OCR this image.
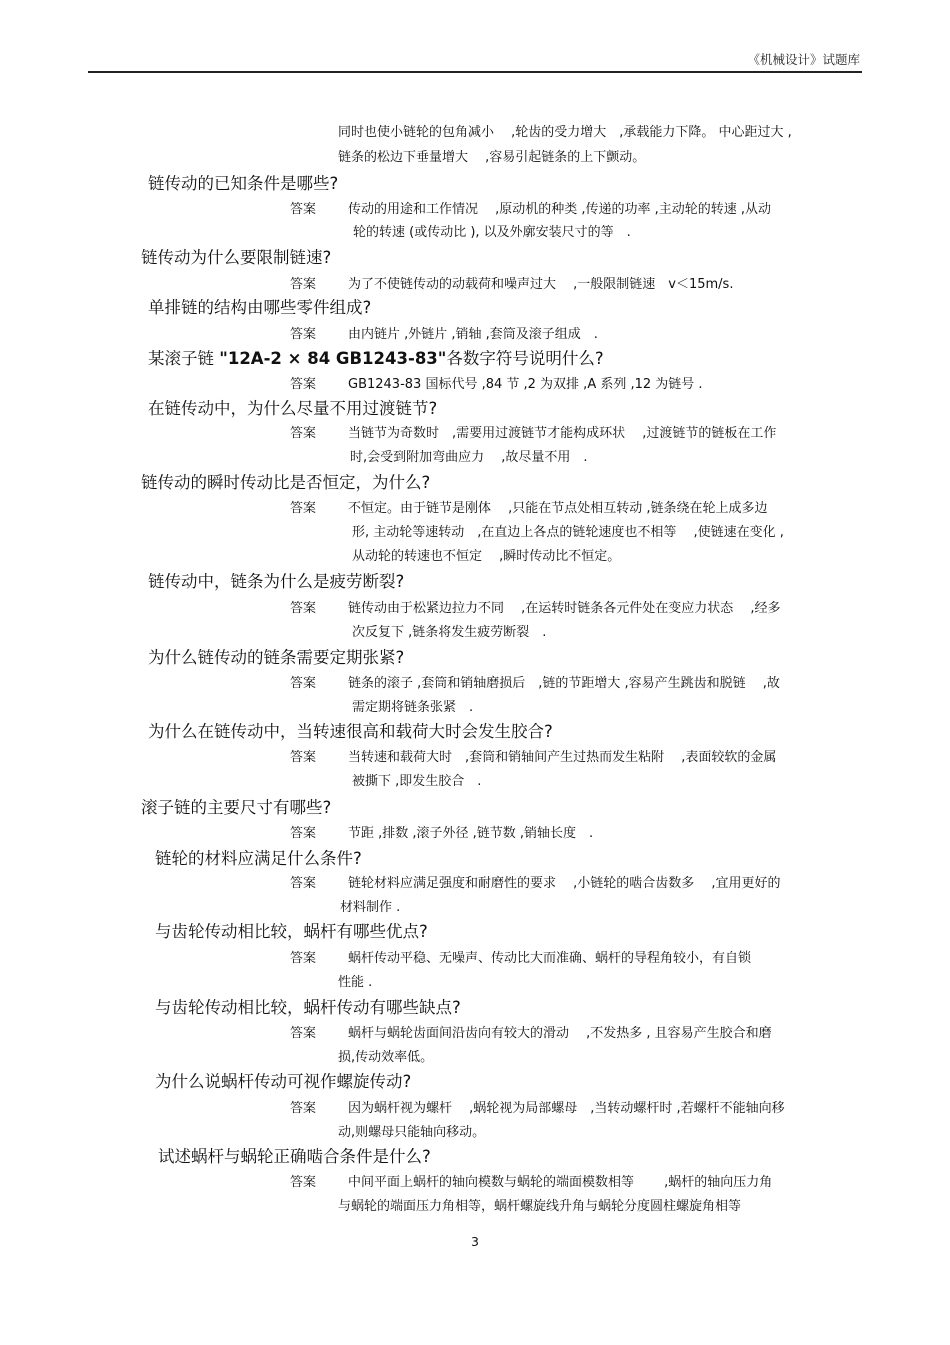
《机械设计》试题库
同时也使小链轮的包角减小　 ,轮齿的受力增大　,承载能力下降。 中心距过大 ,
链条的松边下垂量增大　 ,容易引起链条的上下颤动。
链传动的已知条件是哪些?
答案 传动的用途和工作情况　 ,原动机的种类 ,传递的功率 ,主动轮的转速 ,从动
轮的转速 (或传动比 ), 以及外廓安装尺寸的等　.
链传动为什么要限制链速?
答案 为了不使链传动的动载荷和噪声过大　 ,一般限制链速　v＜15m/s.
单排链的结构由哪些零件组成?
答案 由内链片 ,外链片 ,销轴 ,套筒及滚子组成　.
某滚子链 "12A-2 × 84 GB1243-83"各数字符号说明什么?
答案 GB1243-83 国标代号 ,84 节 ,2 为双排 ,A 系列 ,12 为链号 .
在链传动中，为什么尽量不用过渡链节?
答案 当链节为奇数时　,需要用过渡链节才能构成环状　 ,过渡链节的链板在工作
时,会受到附加弯曲应力　 ,故尽量不用　.
链传动的瞬时传动比是否恒定，为什么?
答案 不恒定。由于链节是刚体　 ,只能在节点处相互转动 ,链条绕在轮上成多边
形, 主动轮等速转动　,在直边上各点的链轮速度也不相等　 ,使链速在变化 ,
从动轮的转速也不恒定　 ,瞬时传动比不恒定。
链传动中，链条为什么是疲劳断裂?
答案 链传动由于松紧边拉力不同　 ,在运转时链条各元件处在变应力状态　 ,经多
次反复下 ,链条将发生疲劳断裂　.
为什么链传动的链条需要定期张紧?
答案 链条的滚子 ,套筒和销轴磨损后　,链的节距增大 ,容易产生跳齿和脱链　 ,故
需定期将链条张紧　.
为什么在链传动中，当转速很高和载荷大时会发生胶合?
答案 当转速和载荷大时　,套筒和销轴间产生过热而发生粘附　 ,表面较软的金属
被撕下 ,即发生胶合　.
滚子链的主要尺寸有哪些?
答案 节距 ,排数 ,滚子外径 ,链节数 ,销轴长度　.
链轮的材料应满足什么条件?
答案 链轮材料应满足强度和耐磨性的要求　 ,小链轮的啮合齿数多　 ,宜用更好的
材料制作 .
与齿轮传动相比较，蜗杆有哪些优点?
答案 蜗杆传动平稳、无噪声、传动比大而准确、蜗杆的导程角较小，有自锁
性能 .
与齿轮传动相比较，蜗杆传动有哪些缺点?
答案 蜗杆与蜗轮齿面间沿齿向有较大的滑动　 ,不发热多 , 且容易产生胶合和磨
损,传动效率低。
为什么说蜗杆传动可视作螺旋传动?
答案 因为蜗杆视为螺杆　 ,蜗轮视为局部螺母　,当转动螺杆时 ,若螺杆不能轴向移
动,则螺母只能轴向移动。
试述蜗杆与蜗轮正确啮合条件是什么?
答案 中间平面上蜗杆的轴向模数与蜗轮的端面模数相等　　 ,蜗杆的轴向压力角
与蜗轮的端面压力角相等，蜗杆螺旋线升角与蜗轮分度圆柱螺旋角相等
3
